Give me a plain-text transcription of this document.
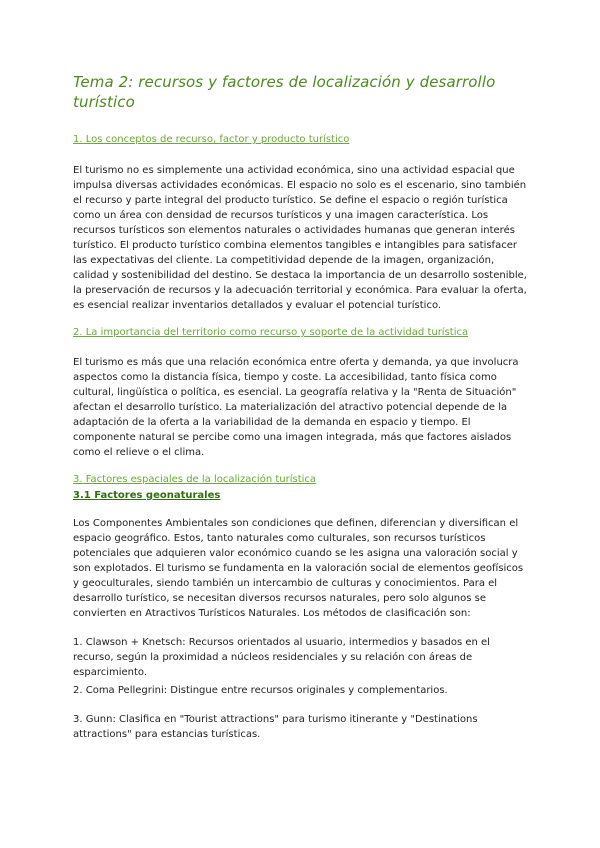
Tema 2: recursos y factores de localización y desarrollo turístico
1. Los conceptos de recurso, factor y producto turístico

El turismo no es simplemente una actividad económica, sino una actividad espacial que impulsa diversas actividades económicas. El espacio no solo es el escenario, sino también el recurso y parte integral del producto turístico. Se define el espacio o región turística como un área con densidad de recursos turísticos y una imagen característica. Los recursos turísticos son elementos naturales o actividades humanas que generan interés turístico. El producto turístico combina elementos tangibles e intangibles para satisfacer las expectativas del cliente. La competitividad depende de la imagen, organización, calidad y sostenibilidad del destino. Se destaca la importancia de un desarrollo sostenible, la preservación de recursos y la adecuación territorial y económica. Para evaluar la oferta, es esencial realizar inventarios detallados y evaluar el potencial turístico.

2. La importancia del territorio como recurso y soporte de la actividad turística

El turismo es más que una relación económica entre oferta y demanda, ya que involucra aspectos como la distancia física, tiempo y coste. La accesibilidad, tanto física como cultural, lingüística o política, es esencial. La geografía relativa y la "Renta de Situación" afectan el desarrollo turístico. La materialización del atractivo potencial depende de la adaptación de la oferta a la variabilidad de la demanda en espacio y tiempo. El componente natural se percibe como una imagen integrada, más que factores aislados como el relieve o el clima.

3. Factores espaciales de la localización turística
3.1 Factores geonaturales

Los Componentes Ambientales son condiciones que definen, diferencian y diversifican el espacio geográfico. Estos, tanto naturales como culturales, son recursos turísticos potenciales que adquieren valor económico cuando se les asigna una valoración social y son explotados. El turismo se fundamenta en la valoración social de elementos geofísicos y geoculturales, siendo también un intercambio de culturas y conocimientos. Para el desarrollo turístico, se necesitan diversos recursos naturales, pero solo algunos se convierten en Atractivos Turísticos Naturales. Los métodos de clasificación son:

1. Clawson + Knetsch: Recursos orientados al usuario, intermedios y basados en el recurso, según la proximidad a núcleos residenciales y su relación con áreas de esparcimiento.

2. Coma Pellegrini: Distingue entre recursos originales y complementarios.

3. Gunn: Clasifica en "Tourist attractions" para turismo itinerante y "Destinations attractions" para estancias turísticas.
